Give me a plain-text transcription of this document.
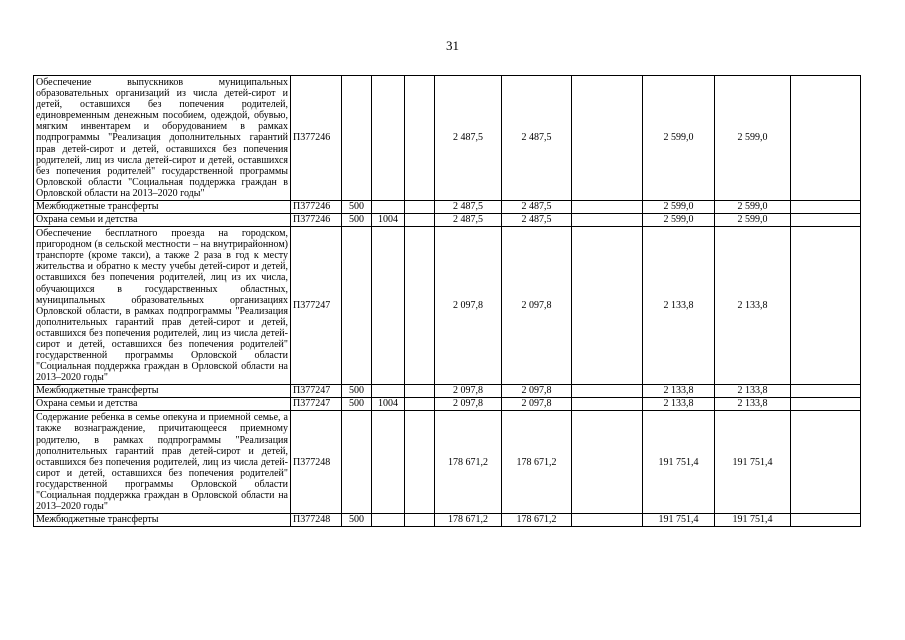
31
Обеспечение выпускников муниципальных образовательных организаций из числа детей-сирот и детей, оставшихся без попечения родителей, единовременным денежным пособием, одеждой, обувью, мягким инвентарем и оборудованием в рамках подпрограммы "Реализация дополнительных гарантий прав детей-сирот и детей, оставшихся без попечения родителей, лиц из числа детей-сирот и детей, оставшихся без попечения родителей" государственной программы Орловской области "Социальная поддержка граждан в Орловской области на 2013–2020 годы"	П377246				2 487,5	2 487,5		2 599,0	2 599,0	
Межбюджетные трансферты	П377246	500			2 487,5	2 487,5		2 599,0	2 599,0	
Охрана семьи и детства	П377246	500	1004		2 487,5	2 487,5		2 599,0	2 599,0	
Обеспечение бесплатного проезда на городском, пригородном (в сельской местности – на внутрирайонном) транспорте (кроме такси), а также 2 раза в год к месту жительства и обратно к месту учебы детей-сирот и детей, оставшихся без попечения родителей, лиц из их числа, обучающихся в государственных областных, муниципальных образовательных организациях Орловской области, в рамках подпрограммы "Реализация дополнительных гарантий прав детей-сирот и детей, оставшихся без попечения родителей, лиц из числа детей-сирот и детей, оставшихся без попечения родителей" государственной программы Орловской области "Социальная поддержка граждан в Орловской области на 2013–2020 годы"	П377247				2 097,8	2 097,8		2 133,8	2 133,8	
Межбюджетные трансферты	П377247	500			2 097,8	2 097,8		2 133,8	2 133,8	
Охрана семьи и детства	П377247	500	1004		2 097,8	2 097,8		2 133,8	2 133,8	
Содержание ребенка в семье опекуна и приемной семье, а также вознаграждение, причитающееся приемному родителю, в рамках подпрограммы "Реализация дополнительных гарантий прав детей-сирот и детей, оставшихся без попечения родителей, лиц из числа детей-сирот и детей, оставшихся без попечения родителей" государственной программы Орловской области "Социальная поддержка граждан в Орловской области на 2013–2020 годы"	П377248				178 671,2	178 671,2		191 751,4	191 751,4	
Межбюджетные трансферты	П377248	500			178 671,2	178 671,2		191 751,4	191 751,4	
